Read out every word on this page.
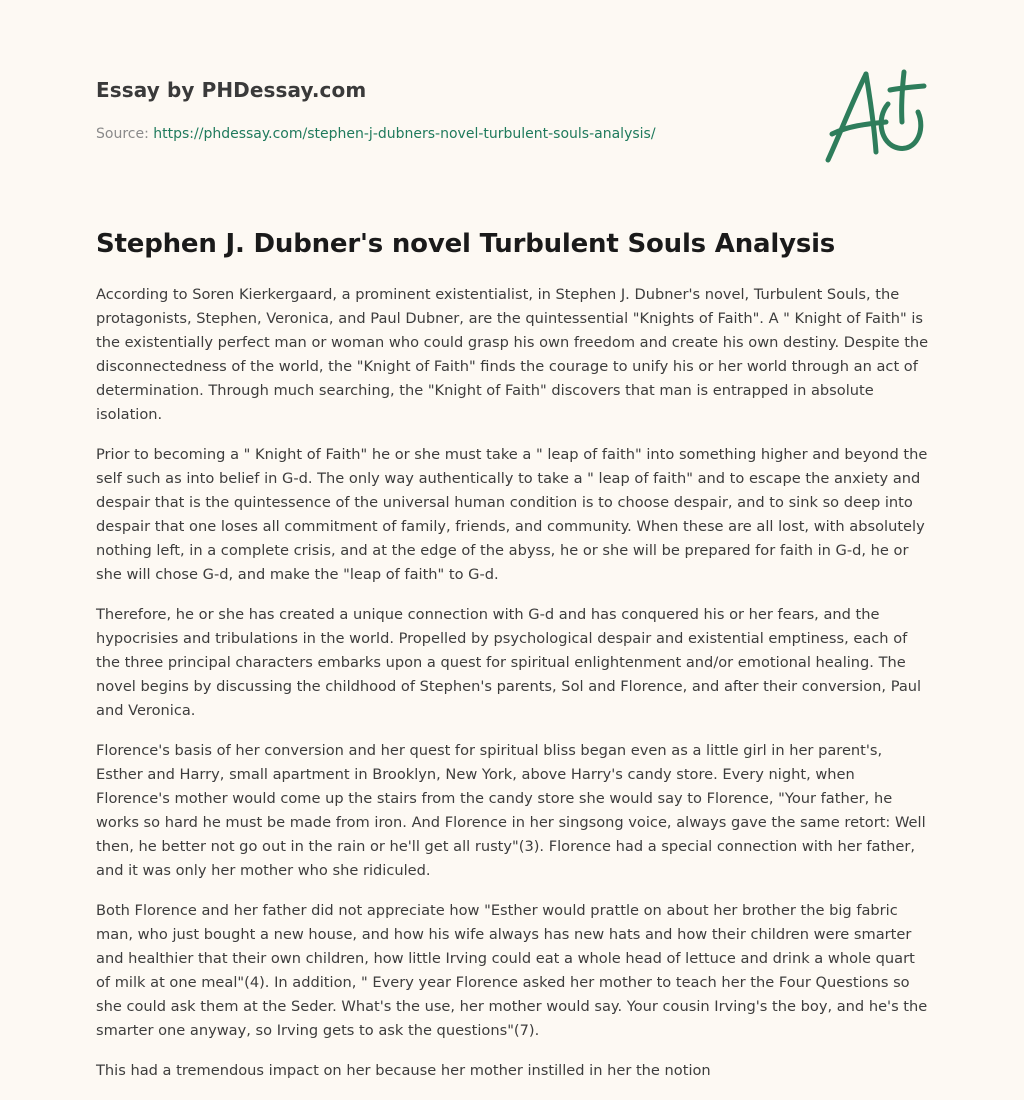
Essay by PHDessay.com
Source: https://phdessay.com/stephen-j-dubners-novel-turbulent-souls-analysis/
Stephen J. Dubner's novel Turbulent Souls Analysis

According to Soren Kierkergaard, a prominent existentialist, in Stephen J. Dubner's novel, Turbulent Souls, the protagonists, Stephen, Veronica, and Paul Dubner, are the quintessential "Knights of Faith". A " Knight of Faith" is the existentially perfect man or woman who could grasp his own freedom and create his own destiny. Despite the disconnectedness of the world, the "Knight of Faith" finds the courage to unify his or her world through an act of determination. Through much searching, the "Knight of Faith" discovers that man is entrapped in absolute isolation.

Prior to becoming a " Knight of Faith" he or she must take a " leap of faith" into something higher and beyond the self such as into belief in G-d. The only way authentically to take a " leap of faith" and to escape the anxiety and despair that is the quintessence of the universal human condition is to choose despair, and to sink so deep into despair that one loses all commitment of family, friends, and community. When these are all lost, with absolutely nothing left, in a complete crisis, and at the edge of the abyss, he or she will be prepared for faith in G-d, he or she will chose G-d, and make the "leap of faith" to G-d.

Therefore, he or she has created a unique connection with G-d and has conquered his or her fears, and the hypocrisies and tribulations in the world. Propelled by psychological despair and existential emptiness, each of the three principal characters embarks upon a quest for spiritual enlightenment and/or emotional healing. The novel begins by discussing the childhood of Stephen's parents, Sol and Florence, and after their conversion, Paul and Veronica.

Florence's basis of her conversion and her quest for spiritual bliss began even as a little girl in her parent's, Esther and Harry, small apartment in Brooklyn, New York, above Harry's candy store. Every night, when Florence's mother would come up the stairs from the candy store she would say to Florence, "Your father, he works so hard he must be made from iron. And Florence in her singsong voice, always gave the same retort: Well then, he better not go out in the rain or he'll get all rusty"(3). Florence had a special connection with her father, and it was only her mother who she ridiculed.

Both Florence and her father did not appreciate how "Esther would prattle on about her brother the big fabric man, who just bought a new house, and how his wife always has new hats and how their children were smarter and healthier that their own children, how little Irving could eat a whole head of lettuce and drink a whole quart of milk at one meal"(4). In addition, " Every year Florence asked her mother to teach her the Four Questions so she could ask them at the Seder. What's the use, her mother would say. Your cousin Irving's the boy, and he's the smarter one anyway, so Irving gets to ask the questions"(7).

This had a tremendous impact on her because her mother instilled in her the notion
